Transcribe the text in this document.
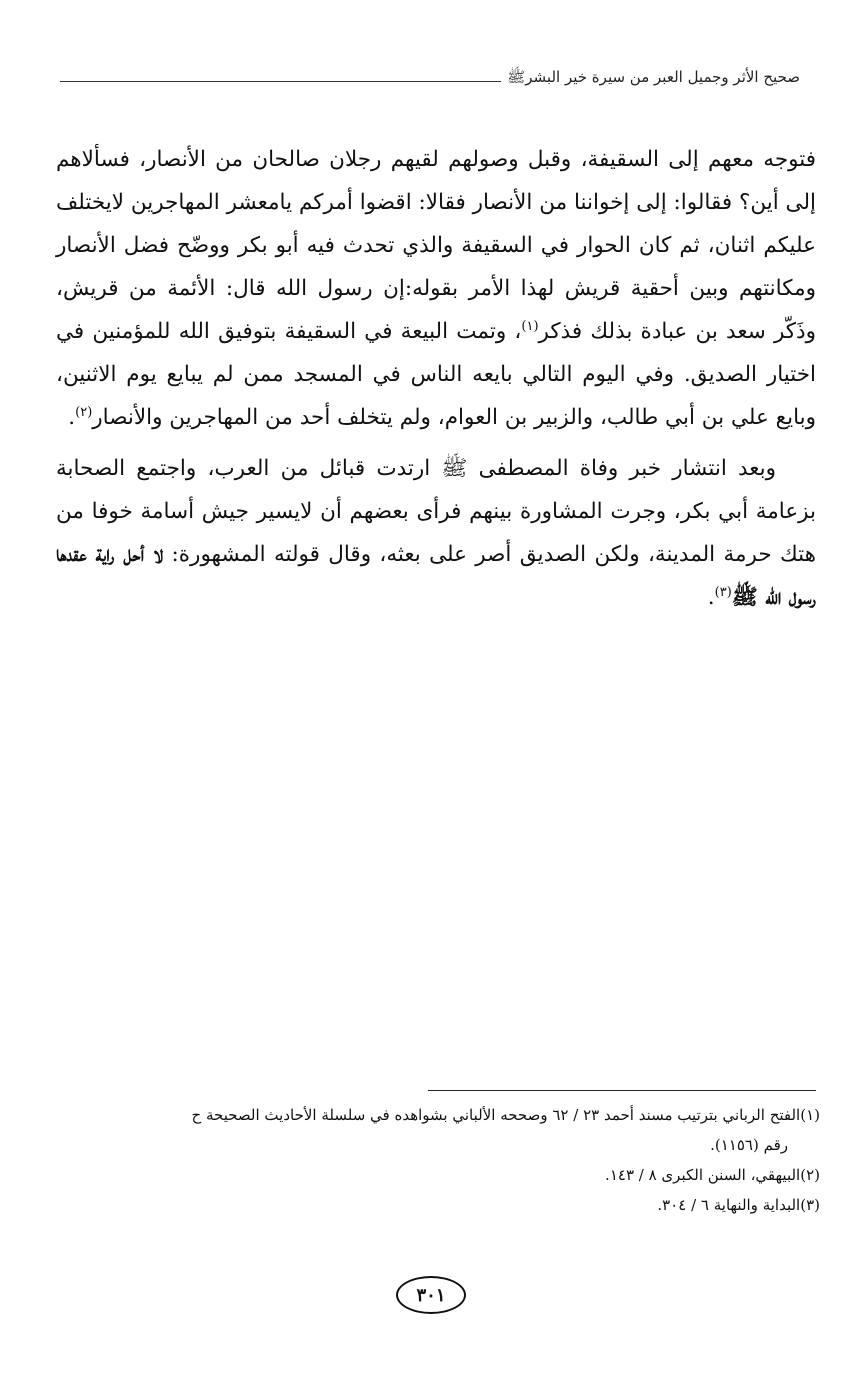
صحيح الأثر وجميل العبر من سيرة خير البشرﷺ

فتوجه معهم إلى السقيفة، وقبل وصولهم لقيهم رجلان صالحان من الأنصار، فسألاهم إلى أين؟ فقالوا: إلى إخواننا من الأنصار فقالا: اقضوا أمركم يامعشر المهاجرين لايختلف عليكم اثنان، ثم كان الحوار في السقيفة والذي تحدث فيه أبو بكر ووضّح فضل الأنصار ومكانتهم وبين أحقية قريش لهذا الأمر بقوله:إن رسول الله قال: الأئمة من قريش، وذَكّر سعد بن عبادة بذلك فذكر$^{(١)}$، وتمت البيعة في السقيفة بتوفيق الله للمؤمنين في اختيار الصديق. وفي اليوم التالي بايعه الناس في المسجد ممن لم يبايع يوم الاثنين، وبايع علي بن أبي طالب، والزبير بن العوام، ولم يتخلف أحد من المهاجرين والأنصار$^{(٢)}$.

وبعد انتشار خبر وفاة المصطفى ﷺ ارتدت قبائل من العرب، واجتمع الصحابة بزعامة أبي بكر، وجرت المشاورة بينهم فرأى بعضهم أن لايسير جيش أسامة خوفا من هتك حرمة المدينة، ولكن الصديق أصر على بعثه، وقال قولته المشهورة: لا أحل راية عقدها رسول الله ﷺ$^{(٣)}$.

(١)الفتح الرباني بترتيب مسند أحمد ٢٣ / ٦٢ وصححه الألباني بشواهده في سلسلة الأحاديث الصحيحة ح

رقم (١١٥٦).

(٢)البيهقي، السنن الكبرى ٨ / ١٤٣.

(٣)البداية والنهاية ٦ / ٣٠٤.

٣٠١
